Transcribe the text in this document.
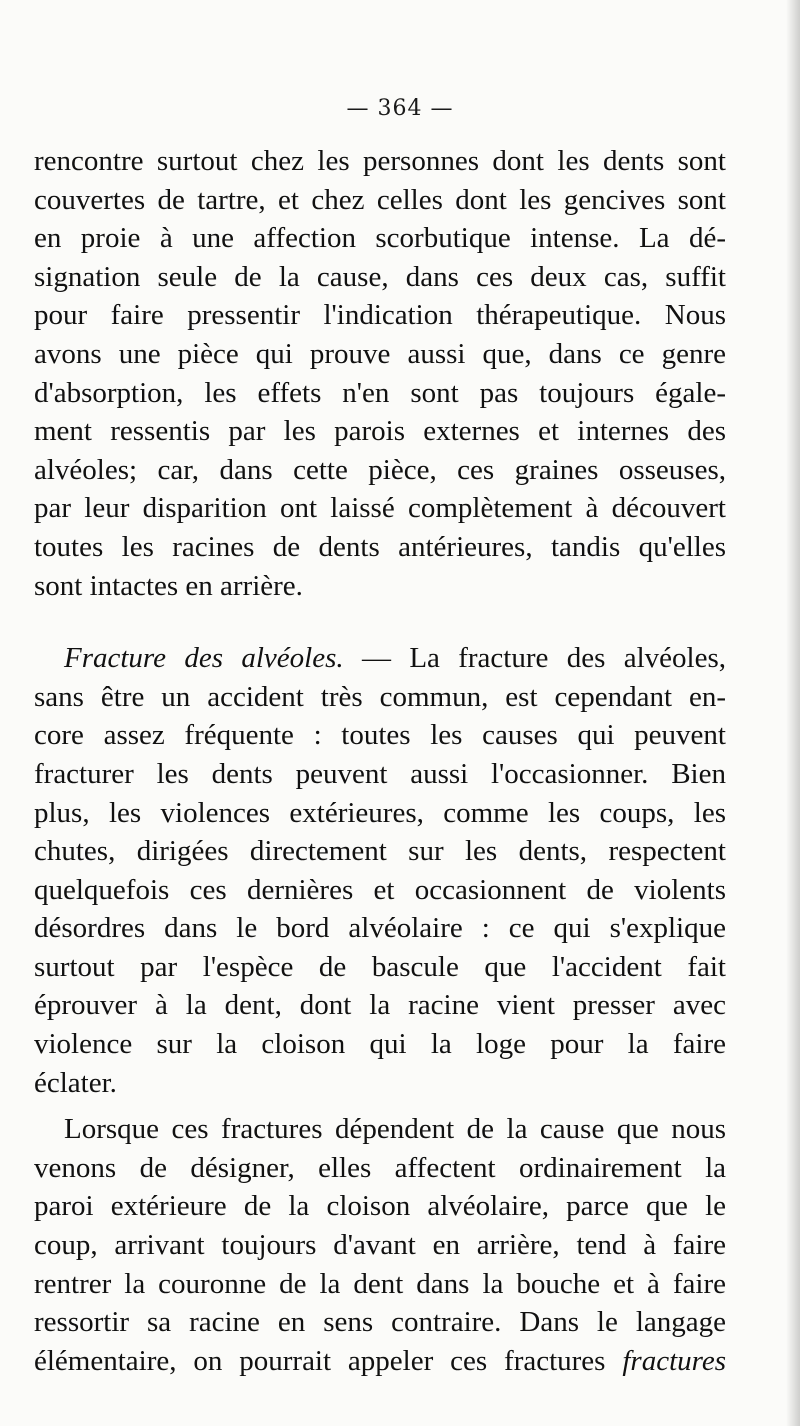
— 364 —
rencontre surtout chez les personnes dont les dents sont
couvertes de tartre, et chez celles dont les gencives sont
en proie à une affection scorbutique intense. La dé-
signation seule de la cause, dans ces deux cas, suffit
pour faire pressentir l'indication thérapeutique. Nous
avons une pièce qui prouve aussi que, dans ce genre
d'absorption, les effets n'en sont pas toujours égale-
ment ressentis par les parois externes et internes des
alvéoles; car, dans cette pièce, ces graines osseuses,
par leur disparition ont laissé complètement à découvert
toutes les racines de dents antérieures, tandis qu'elles
sont intactes en arrière.
Fracture des alvéoles. — La fracture des alvéoles,
sans être un accident très commun, est cependant en-
core assez fréquente : toutes les causes qui peuvent
fracturer les dents peuvent aussi l'occasionner. Bien
plus, les violences extérieures, comme les coups, les
chutes, dirigées directement sur les dents, respectent
quelquefois ces dernières et occasionnent de violents
désordres dans le bord alvéolaire : ce qui s'explique
surtout par l'espèce de bascule que l'accident fait
éprouver à la dent, dont la racine vient presser avec
violence sur la cloison qui la loge pour la faire
éclater.
Lorsque ces fractures dépendent de la cause que nous
venons de désigner, elles affectent ordinairement la
paroi extérieure de la cloison alvéolaire, parce que le
coup, arrivant toujours d'avant en arrière, tend à faire
rentrer la couronne de la dent dans la bouche et à faire
ressortir sa racine en sens contraire. Dans le langage
élémentaire, on pourrait appeler ces fractures fractures
